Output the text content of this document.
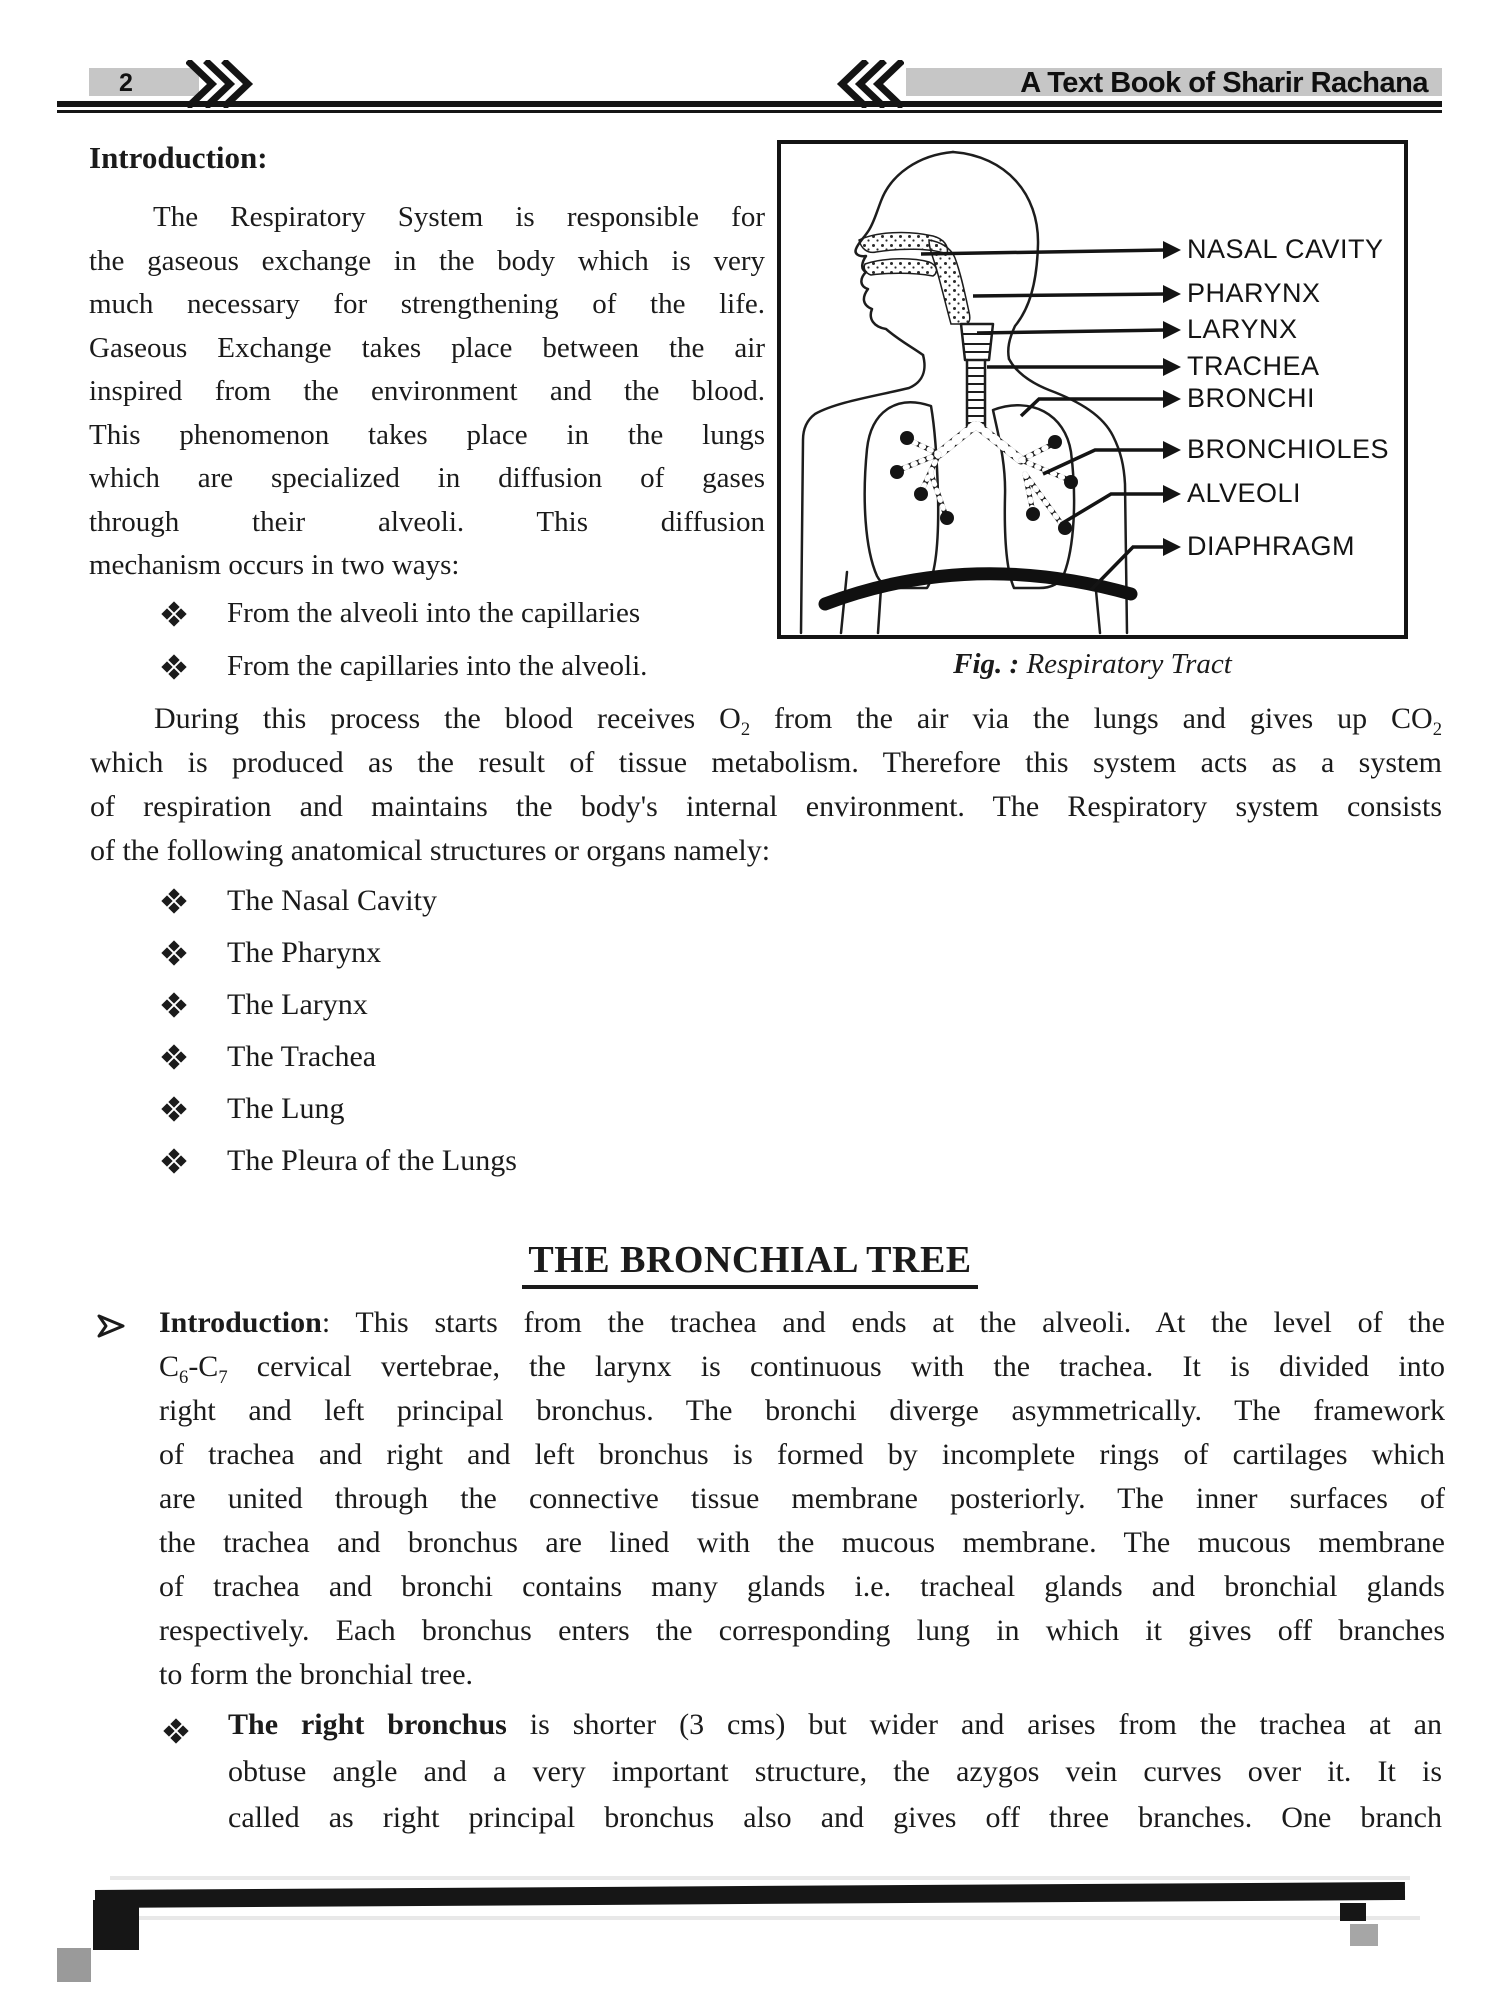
2	A Text Book of Sharir Rachana
Introduction:
The Respiratory System is responsible for
the gaseous exchange in the body which is very
much necessary for strengthening of the life.
Gaseous Exchange takes place between the air
inspired from the environment and the blood.
This phenomenon takes place in the lungs
which are specialized in diffusion of gases
through their alveoli. This diffusion
mechanism occurs in two ways:
From the alveoli into the capillaries
From the capillaries into the alveoli.
NASAL CAVITY
PHARYNX
LARYNX
TRACHEA
BRONCHI
BRONCHIOLES
ALVEOLI
DIAPHRAGM
Fig. : Respiratory Tract
During this process the blood receives $O_2$ from the air via the lungs and gives up $CO_2$
which is produced as the result of tissue metabolism. Therefore this system acts as a system
of respiration and maintains the body's internal environment. The Respiratory system consists
of the following anatomical structures or organs namely:
The Nasal Cavity
The Pharynx
The Larynx
The Trachea
The Lung
The Pleura of the Lungs
THE BRONCHIAL TREE
Introduction: This starts from the trachea and ends at the alveoli. At the level of the
$C_6-C_7$ cervical vertebrae, the larynx is continuous with the trachea. It is divided into
right and left principal bronchus. The bronchi diverge asymmetrically. The framework
of trachea and right and left bronchus is formed by incomplete rings of cartilages which
are united through the connective tissue membrane posteriorly. The inner surfaces of
the trachea and bronchus are lined with the mucous membrane. The mucous membrane
of trachea and bronchi contains many glands i.e. tracheal glands and bronchial glands
respectively. Each bronchus enters the corresponding lung in which it gives off branches
to form the bronchial tree.
The right bronchus is shorter (3 cms) but wider and arises from the trachea at an
obtuse angle and a very important structure, the azygos vein curves over it. It is
called as right principal bronchus also and gives off three branches. One branch
